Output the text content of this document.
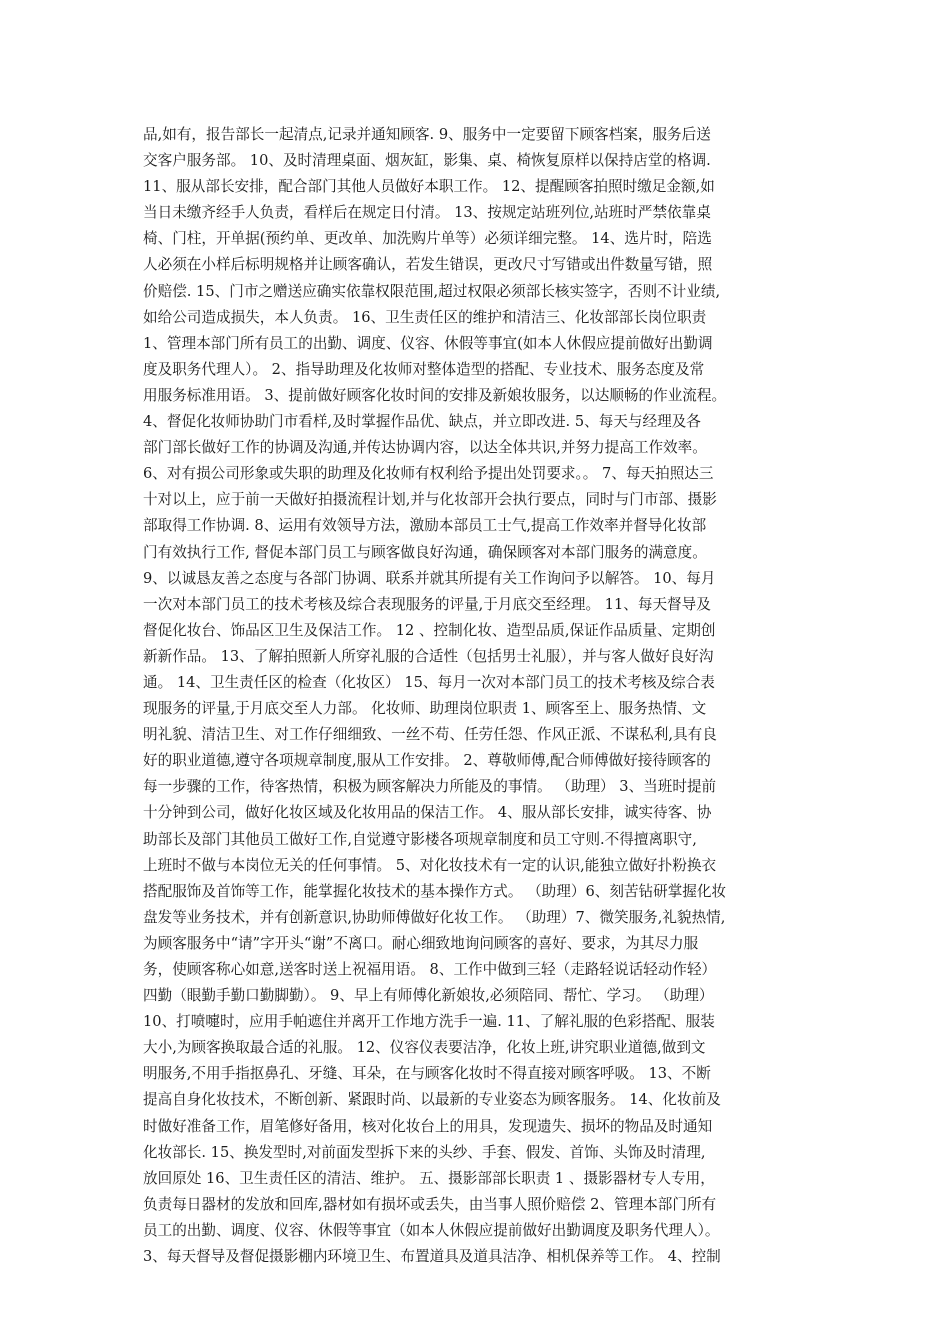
品,如有，报告部长一起清点,记录并通知顾客. 9、服务中一定要留下顾客档案，服务后送
交客户服务部。 10、及时清理桌面、烟灰缸，影集、桌、椅恢复原样以保持店堂的格调.
11、服从部长安排，配合部门其他人员做好本职工作。 12、提醒顾客拍照时缴足金额,如
当日未缴齐经手人负责，看样后在规定日付清。 13、按规定站班列位,站班时严禁依靠桌
椅、门柱，开单据(预约单、更改单、加洗购片单等）必须详细完整。 14、选片时，陪选
人必须在小样后标明规格并让顾客确认，若发生错误，更改尺寸写错或出件数量写错，照
价赔偿. 15、门市之赠送应确实依靠权限范围,超过权限必须部长核实签字，否则不计业绩,
如给公司造成损失，本人负责。 16、卫生责任区的维护和清洁三、化妆部部长岗位职责
1、管理本部门所有员工的出勤、调度、仪容、休假等事宜(如本人休假应提前做好出勤调
度及职务代理人）。 2、指导助理及化妆师对整体造型的搭配、专业技术、服务态度及常
用服务标准用语。 3、提前做好顾客化妆时间的安排及新娘妆服务，以达顺畅的作业流程。
4、督促化妆师协助门市看样,及时掌握作品优、缺点，并立即改进. 5、每天与经理及各
部门部长做好工作的协调及沟通,并传达协调内容，以达全体共识,并努力提高工作效率。
6、对有损公司形象或失职的助理及化妆师有权利给予提出处罚要求。。 7、每天拍照达三
十对以上，应于前一天做好拍摄流程计划,并与化妆部开会执行要点，同时与门市部、摄影
部取得工作协调. 8、运用有效领导方法，激励本部员工士气,提高工作效率并督导化妆部
门有效执行工作, 督促本部门员工与顾客做良好沟通，确保顾客对本部门服务的满意度。
9、以诚恳友善之态度与各部门协调、联系并就其所提有关工作询问予以解答。 10、每月
一次对本部门员工的技术考核及综合表现服务的评量,于月底交至经理。 11、每天督导及
督促化妆台、饰品区卫生及保洁工作。 12 、控制化妆、造型品质,保证作品质量、定期创
新新作品。 13、了解拍照新人所穿礼服的合适性（包括男士礼服），并与客人做好良好沟
通。 14、卫生责任区的检查（化妆区） 15、每月一次对本部门员工的技术考核及综合表
现服务的评量,于月底交至人力部。 化妆师、助理岗位职责 1、顾客至上、服务热情、文
明礼貌、清洁卫生、对工作仔细细致、一丝不苟、任劳任怨、作风正派、不谋私利,具有良
好的职业道德,遵守各项规章制度,服从工作安排。 2、尊敬师傅,配合师傅做好接待顾客的
每一步骤的工作，待客热情，积极为顾客解决力所能及的事情。 （助理） 3、当班时提前
十分钟到公司，做好化妆区域及化妆用品的保洁工作。 4、服从部长安排，诚实待客、协
助部长及部门其他员工做好工作,自觉遵守影楼各项规章制度和员工守则.不得擅离职守,
上班时不做与本岗位无关的任何事情。 5、对化妆技术有一定的认识,能独立做好扑粉换衣
搭配服饰及首饰等工作，能掌握化妆技术的基本操作方式。 （助理）6、刻苦钻研掌握化妆
盘发等业务技术，并有创新意识,协助师傅做好化妆工作。 （助理）7、微笑服务,礼貌热情,
为顾客服务中“请”字开头“谢”不离口。耐心细致地询问顾客的喜好、要求，为其尽力服
务，使顾客称心如意,送客时送上祝福用语。 8、工作中做到三轻（走路轻说话轻动作轻）
四勤（眼勤手勤口勤脚勤）。 9、早上有师傅化新娘妆,必须陪同、帮忙、学习。 （助理）
10、打喷嚏时，应用手帕遮住并离开工作地方洗手一遍. 11、了解礼服的色彩搭配、服装
大小,为顾客换取最合适的礼服。 12、仪容仪表要洁净，化妆上班,讲究职业道德,做到文
明服务,不用手指抠鼻孔、牙缝、耳朵，在与顾客化妆时不得直接对顾客呼吸。 13、不断
提高自身化妆技术，不断创新、紧跟时尚、以最新的专业姿态为顾客服务。 14、化妆前及
时做好准备工作，眉笔修好备用，核对化妆台上的用具，发现遗失、损坏的物品及时通知
化妆部长. 15、换发型时,对前面发型拆下来的头纱、手套、假发、首饰、头饰及时清理,
放回原处 16、卫生责任区的清洁、维护。 五、摄影部部长职责 1 、摄影器材专人专用，
负责每日器材的发放和回库,器材如有损坏或丢失，由当事人照价赔偿 2、管理本部门所有
员工的出勤、调度、仪容、休假等事宜（如本人休假应提前做好出勤调度及职务代理人）。
3、每天督导及督促摄影棚内环境卫生、布置道具及道具洁净、相机保养等工作。 4、控制
